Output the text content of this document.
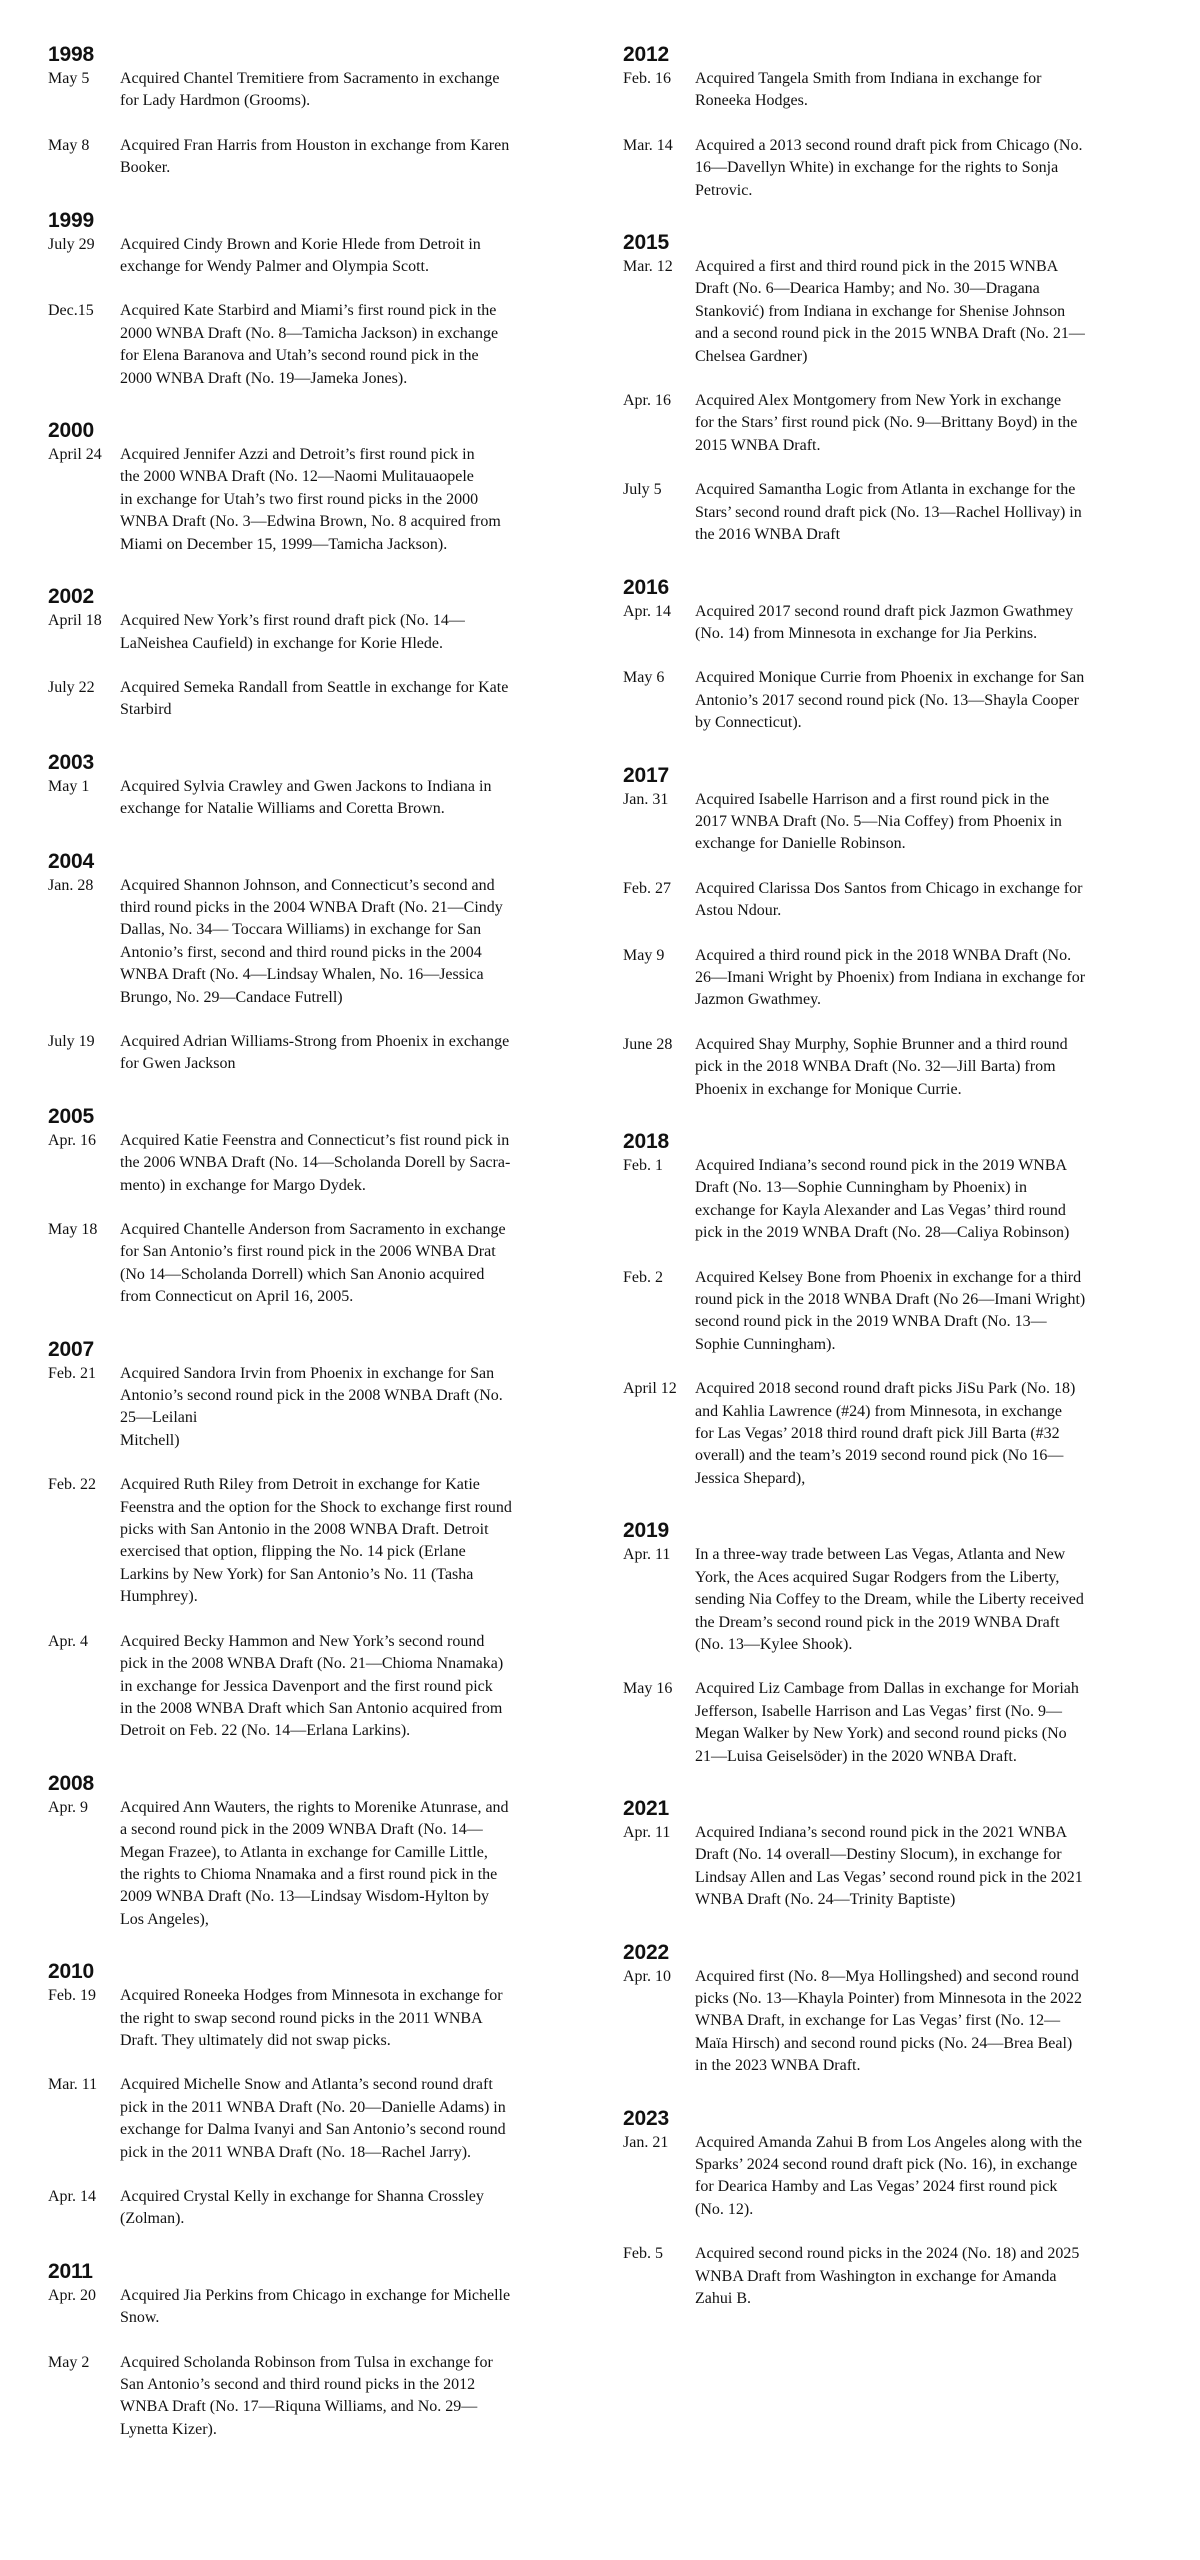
1998
May 5	Acquired Chantel Tremitiere from Sacramento in exchange
for Lady Hardmon (Grooms).
May 8	Acquired Fran Harris from Houston in exchange from Karen
Booker.
1999
July 29	Acquired Cindy Brown and Korie Hlede from Detroit in
exchange for Wendy Palmer and Olympia Scott.
Dec.15	Acquired Kate Starbird and Miami’s first round pick in the
2000 WNBA Draft (No. 8—Tamicha Jackson) in exchange
for Elena Baranova and Utah’s second round pick in the
2000 WNBA Draft (No. 19—Jameka Jones).
2000
April 24	Acquired Jennifer Azzi and Detroit’s first round pick in
the 2000 WNBA Draft (No. 12—Naomi Mulitauaopele
in exchange for Utah’s two first round picks in the 2000
WNBA Draft (No. 3—Edwina Brown, No. 8 acquired from
Miami on December 15, 1999—Tamicha Jackson).
2002
April 18	Acquired New York’s first round draft pick (No. 14—
LaNeishea Caufield) in exchange for Korie Hlede.
July 22	Acquired Semeka Randall from Seattle in exchange for Kate
Starbird
2003
May 1	Acquired Sylvia Crawley and Gwen Jackons to Indiana in
exchange for Natalie Williams and Coretta Brown.
2004
Jan. 28	Acquired Shannon Johnson, and Connecticut’s second and
third round picks in the 2004 WNBA Draft (No. 21—Cindy
Dallas, No. 34— Toccara Williams) in exchange for San
Antonio’s first, second and third round picks in the 2004
WNBA Draft (No. 4—Lindsay Whalen, No. 16—Jessica
Brungo, No. 29—Candace Futrell)
July 19	Acquired Adrian Williams-Strong from Phoenix in exchange
for Gwen Jackson
2005
Apr. 16	Acquired Katie Feenstra and Connecticut’s fist round pick in
the 2006 WNBA Draft (No. 14—Scholanda Dorell by Sacra-
mento) in exchange for Margo Dydek.
May 18	Acquired Chantelle Anderson from Sacramento in exchange
for San Antonio’s first round pick in the 2006 WNBA Drat
(No 14—Scholanda Dorrell) which San Anonio acquired
from Connecticut on April 16, 2005.
2007
Feb. 21	Acquired Sandora Irvin from Phoenix in exchange for San
Antonio’s second round pick in the 2008 WNBA Draft (No.
25—Leilani
Mitchell)
Feb. 22	Acquired Ruth Riley from Detroit in exchange for Katie
Feenstra and the option for the Shock to exchange first round
picks with San Antonio in the 2008 WNBA Draft. Detroit
exercised that option, flipping the No. 14 pick (Erlane
Larkins by New York) for San Antonio’s No. 11 (Tasha
Humphrey).
Apr. 4	Acquired Becky Hammon and New York’s second round
pick in the 2008 WNBA Draft (No. 21—Chioma Nnamaka)
in exchange for Jessica Davenport and the first round pick
in the 2008 WNBA Draft which San Antonio acquired from
Detroit on Feb. 22 (No. 14—Erlana Larkins).
2008
Apr. 9	Acquired Ann Wauters, the rights to Morenike Atunrase, and
a second round pick in the 2009 WNBA Draft (No. 14—
Megan Frazee), to Atlanta in exchange for Camille Little,
the rights to Chioma Nnamaka and a first round pick in the
2009 WNBA Draft (No. 13—Lindsay Wisdom-Hylton by
Los Angeles),
2010
Feb. 19	Acquired Roneeka Hodges from Minnesota in exchange for
the right to swap second round picks in the 2011 WNBA
Draft. They ultimately did not swap picks.
Mar. 11	Acquired Michelle Snow and Atlanta’s second round draft
pick in the 2011 WNBA Draft (No. 20—Danielle Adams) in
exchange for Dalma Ivanyi and San Antonio’s second round
pick in the 2011 WNBA Draft (No. 18—Rachel Jarry).
Apr. 14	Acquired Crystal Kelly in exchange for Shanna Crossley
(Zolman).
2011
Apr. 20	Acquired Jia Perkins from Chicago in exchange for Michelle
Snow.
May 2	Acquired Scholanda Robinson from Tulsa in exchange for
San Antonio’s second and third round picks in the 2012
WNBA Draft (No. 17—Riquna Williams, and No. 29—
Lynetta Kizer).
2012
Feb. 16	Acquired Tangela Smith from Indiana in exchange for
Roneeka Hodges.
Mar. 14	Acquired a 2013 second round draft pick from Chicago (No.
16—Davellyn White) in exchange for the rights to Sonja
Petrovic.
2015
Mar. 12	Acquired a first and third round pick in the 2015 WNBA
Draft (No. 6—Dearica Hamby; and No. 30—Dragana
Stanković) from Indiana in exchange for Shenise Johnson
and a second round pick in the 2015 WNBA Draft (No. 21—
Chelsea Gardner)
Apr. 16	Acquired Alex Montgomery from New York in exchange
for the Stars’ first round pick (No. 9—Brittany Boyd) in the
2015 WNBA Draft.
July 5	Acquired Samantha Logic from Atlanta in exchange for the
Stars’ second round draft pick (No. 13—Rachel Hollivay) in
the 2016 WNBA Draft
2016
Apr. 14	Acquired 2017 second round draft pick Jazmon Gwathmey
(No. 14) from Minnesota in exchange for Jia Perkins.
May 6	Acquired Monique Currie from Phoenix in exchange for San
Antonio’s 2017 second round pick (No. 13—Shayla Cooper
by Connecticut).
2017
Jan. 31	Acquired Isabelle Harrison and a first round pick in the
2017 WNBA Draft (No. 5—Nia Coffey) from Phoenix in
exchange for Danielle Robinson.
Feb. 27	Acquired Clarissa Dos Santos from Chicago in exchange for
Astou Ndour.
May 9	Acquired a third round pick in the 2018 WNBA Draft (No.
26—Imani Wright by Phoenix) from Indiana in exchange for
Jazmon Gwathmey.
June 28	Acquired Shay Murphy, Sophie Brunner and a third round
pick in the 2018 WNBA Draft (No. 32—Jill Barta) from
Phoenix in exchange for Monique Currie.
2018
Feb. 1	Acquired Indiana’s second round pick in the 2019 WNBA
Draft (No. 13—Sophie Cunningham by Phoenix) in
exchange for Kayla Alexander and Las Vegas’ third round
pick in the 2019 WNBA Draft (No. 28—Caliya Robinson)
Feb. 2	Acquired Kelsey Bone from Phoenix in exchange for a third
round pick in the 2018 WNBA Draft (No 26—Imani Wright)
second round pick in the 2019 WNBA Draft (No. 13—
Sophie Cunningham).
April 12	Acquired 2018 second round draft picks JiSu Park (No. 18)
and Kahlia Lawrence (#24) from Minnesota, in exchange
for Las Vegas’ 2018 third round draft pick Jill Barta (#32
overall) and the team’s 2019 second round pick (No 16—
Jessica Shepard),
2019
Apr. 11	In a three-way trade between Las Vegas, Atlanta and New
York, the Aces acquired Sugar Rodgers from the Liberty,
sending Nia Coffey to the Dream, while the Liberty received
the Dream’s second round pick in the 2019 WNBA Draft
(No. 13—Kylee Shook).
May 16	Acquired Liz Cambage from Dallas in exchange for Moriah
Jefferson, Isabelle Harrison and Las Vegas’ first (No. 9—
Megan Walker by New York) and second round picks (No
21—Luisa Geiselsöder) in the 2020 WNBA Draft.
2021
Apr. 11	Acquired Indiana’s second round pick in the 2021 WNBA
Draft (No. 14 overall—Destiny Slocum), in exchange for
Lindsay Allen and Las Vegas’ second round pick in the 2021
WNBA Draft (No. 24—Trinity Baptiste)
2022
Apr. 10	Acquired first (No. 8—Mya Hollingshed) and second round
picks (No. 13—Khayla Pointer) from Minnesota in the 2022
WNBA Draft, in exchange for Las Vegas’ first (No. 12—
Maïa Hirsch) and second round picks (No. 24—Brea Beal)
in the 2023 WNBA Draft.
2023
Jan. 21	Acquired Amanda Zahui B from Los Angeles along with the
Sparks’ 2024 second round draft pick (No. 16), in exchange
for Dearica Hamby and Las Vegas’ 2024 first round pick
(No. 12).
Feb. 5	Acquired second round picks in the 2024 (No. 18) and 2025
WNBA Draft from Washington in exchange for Amanda
Zahui B.
